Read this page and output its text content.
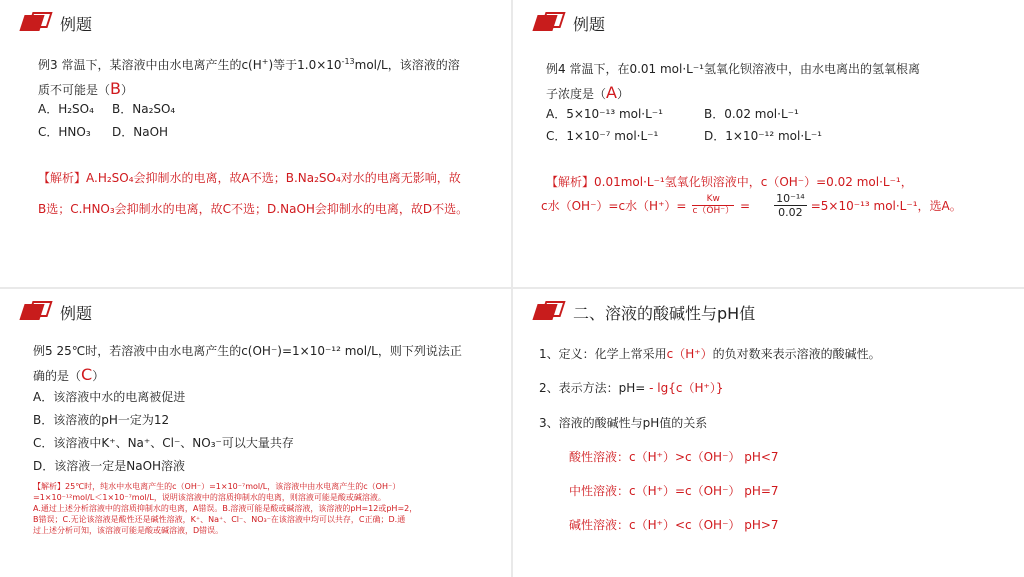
例题
例3 常温下，某溶液中由水电离产生的c(H+)等于$1.0\times 10^{-13}mol/L$，该溶液的溶
质不可能是（B）
A．H₂SO₄ B．Na₂SO₄
C．HNO₃ D．NaOH
【解析】A.H₂SO₄会抑制水的电离，故A不选；B.Na₂SO₄对水的电离无影响，故
B选；C.HNO₃会抑制水的电离，故C不选；D.NaOH会抑制水的电离，故D不选。
例题
例4 常温下，在0.01 mol·L⁻¹氢氧化钡溶液中，由水电离出的氢氧根离
子浓度是（A）
A．5×10⁻¹³ mol·L⁻¹	B．0.02 mol·L⁻¹
C．1×10⁻⁷ mol·L⁻¹	D．1×10⁻¹² mol·L⁻¹
【解析】0.01mol·L⁻¹氢氧化钡溶液中，c（OH⁻）=0.02 mol·L⁻¹，
c水（OH⁻）=c水$(H^+)= \frac{Kw}{c(OH^-)} = \frac{\text{10⁻¹⁴}}{0.02} =5\times 10^{-13}$ mol·L⁻¹，选A。
例题
例5 25℃时，若溶液中由水电离产生的c(OH⁻)=1×10⁻¹² mol/L，则下列说法正
确的是（C）
A．该溶液中水的电离被促进
B．该溶液的pH一定为12
C．该溶液中K⁺、Na⁺、Cl⁻、NO₃⁻可以大量共存
D．该溶液一定是NaOH溶液
【解析】25℃时，纯水中水电离产生的c（OH⁻）=1×10⁻⁷mol/L，该溶液中由水电离产生的c（OH⁻）
=1×10⁻¹²mol/L＜1×10⁻⁷mol/L，说明该溶液中的溶质抑制水的电离，则溶液可能是酸或碱溶液。
A.通过上述分析溶液中的溶质抑制水的电离，A错误。B.溶液可能是酸或碱溶液，该溶液的pH=12或pH=2，
B错误；C.无论该溶液是酸性还是碱性溶液，K⁺、Na⁺、Cl⁻、NO₃⁻在该溶液中均可以共存，C正确；D.通
过上述分析可知，该溶液可能是酸或碱溶液，D错误。
二、溶液的酸碱性与pH值
1、定义：化学上常采用c（H⁺）的负对数来表示溶液的酸碱性。
2、表示方法：pH= - lg{c（H⁺）}
3、溶液的酸碱性与pH值的关系
酸性溶液：c（H⁺）>c（OH⁻） pH<7
中性溶液：c（H⁺）=c（OH⁻） pH=7
碱性溶液：c（H⁺）<c（OH⁻） pH>7
